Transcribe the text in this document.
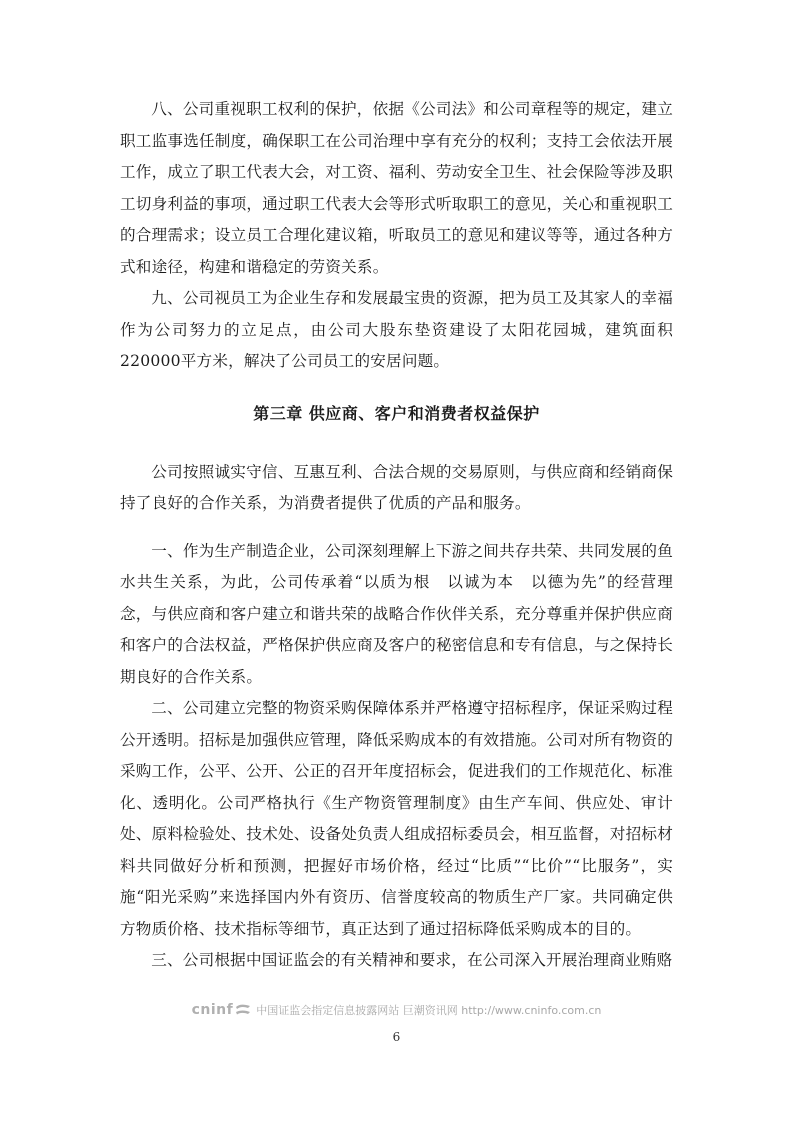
八、公司重视职工权利的保护，依据《公司法》和公司章程等的规定，建立职工监事选任制度，确保职工在公司治理中享有充分的权利；支持工会依法开展工作，成立了职工代表大会，对工资、福利、劳动安全卫生、社会保险等涉及职工切身利益的事项，通过职工代表大会等形式听取职工的意见，关心和重视职工的合理需求；设立员工合理化建议箱，听取员工的意见和建议等等，通过各种方式和途径，构建和谐稳定的劳资关系。

九、公司视员工为企业生存和发展最宝贵的资源，把为员工及其家人的幸福作为公司努力的立足点，由公司大股东垫资建设了太阳花园城，建筑面积220000平方米，解决了公司员工的安居问题。

第三章 供应商、客户和消费者权益保护

公司按照诚实守信、互惠互利、合法合规的交易原则，与供应商和经销商保持了良好的合作关系，为消费者提供了优质的产品和服务。

一、作为生产制造企业，公司深刻理解上下游之间共存共荣、共同发展的鱼水共生关系，为此，公司传承着“以质为根　以诚为本　以德为先”的经营理念，与供应商和客户建立和谐共荣的战略合作伙伴关系，充分尊重并保护供应商和客户的合法权益，严格保护供应商及客户的秘密信息和专有信息，与之保持长期良好的合作关系。

二、公司建立完整的物资采购保障体系并严格遵守招标程序，保证采购过程公开透明。招标是加强供应管理，降低采购成本的有效措施。公司对所有物资的采购工作，公平、公开、公正的召开年度招标会，促进我们的工作规范化、标准化、透明化。公司严格执行《生产物资管理制度》由生产车间、供应处、审计处、原料检验处、技术处、设备处负责人组成招标委员会，相互监督，对招标材料共同做好分析和预测，把握好市场价格，经过“比质”“比价”“比服务”，实施“阳光采购”来选择国内外有资历、信誉度较高的物质生产厂家。共同确定供方物质价格、技术指标等细节，真正达到了通过招标降低采购成本的目的。

三、公司根据中国证监会的有关精神和要求，在公司深入开展治理商业贿赂

cninf 中国证监会指定信息披露网站 巨潮资讯网 http://www.cninfo.com.cn
6
